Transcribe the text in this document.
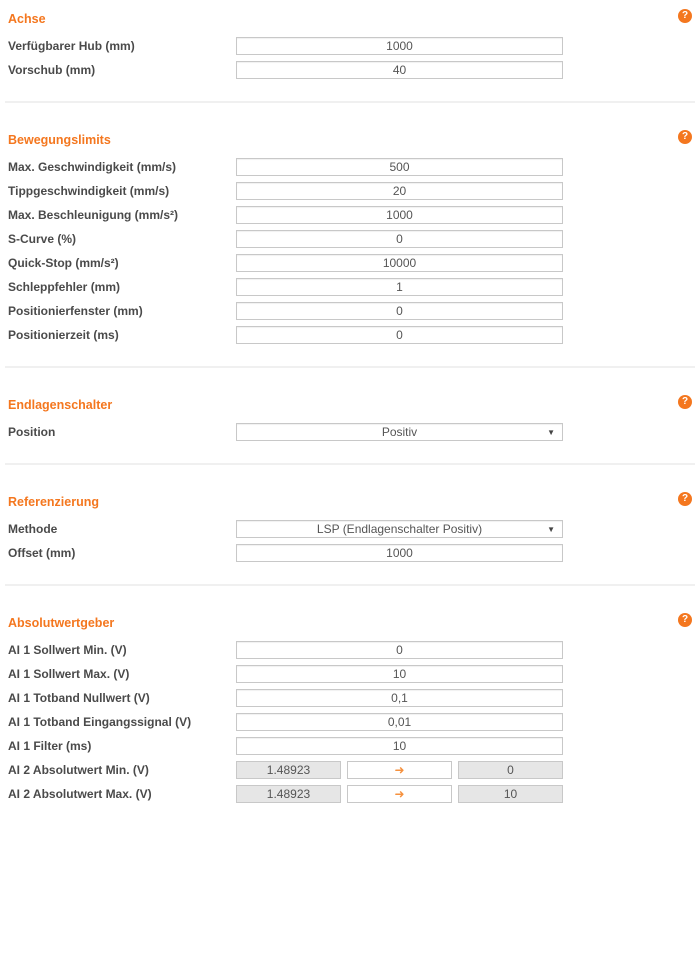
Achse	?
Verfügbarer Hub (mm)
1000
Vorschub (mm)
40
Bewegungslimits	?
Max. Geschwindigkeit (mm/s)
500
Tippgeschwindigkeit (mm/s)
20
Max. Beschleunigung (mm/s²)
1000
S-Curve (%)
0
Quick-Stop (mm/s²)
10000
Schleppfehler (mm)
1
Positionierfenster (mm)
0
Positionierzeit (ms)
0
Endlagenschalter	?
Position	Positiv	▼
Referenzierung	?
Methode	LSP (Endlagenschalter Positiv)	▼
Offset (mm)
1000
Absolutwertgeber	?
AI 1 Sollwert Min. (V)
0
AI 1 Sollwert Max. (V)
10
AI 1 Totband Nullwert (V)
0,1
AI 1 Totband Eingangssignal (V)
0,01
AI 1 Filter (ms)
10
AI 2 Absolutwert Min. (V)	1.48923	➜	0
AI 2 Absolutwert Max. (V)	1.48923	➜	10
